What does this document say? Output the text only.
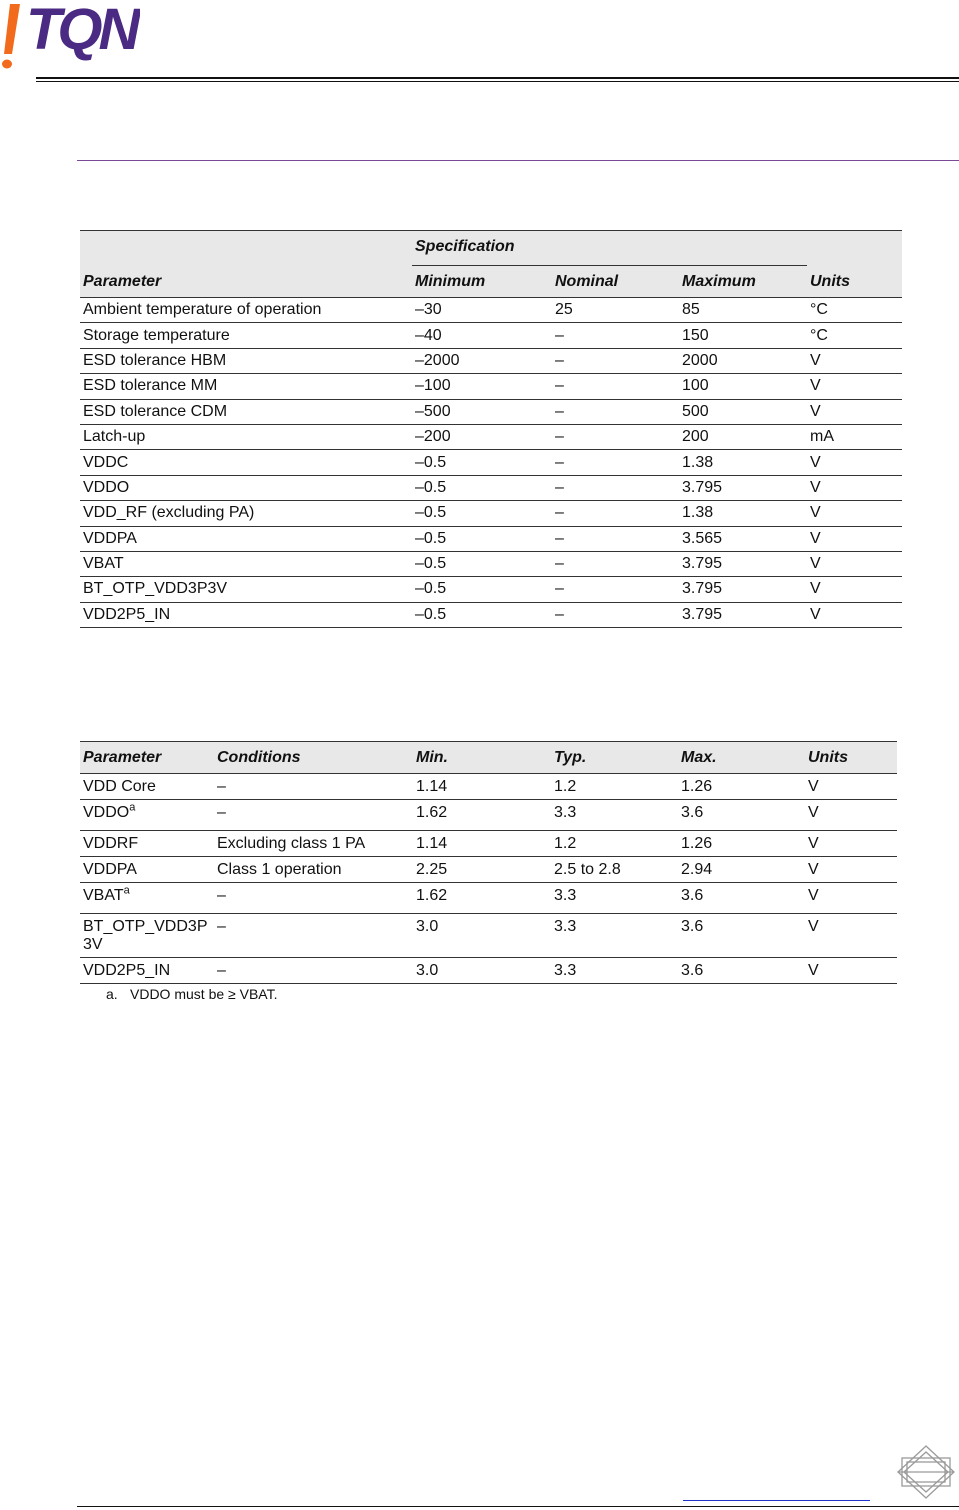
TQN
Parameter	Specification			Units
	Minimum	Nominal	Maximum	
Ambient temperature of operation	–30	25	85	°C
Storage temperature	–40	–	150	°C
ESD tolerance HBM	–2000	–	2000	V
ESD tolerance MM	–100	–	100	V
ESD tolerance CDM	–500	–	500	V
Latch-up	–200	–	200	mA
VDDC	–0.5	–	1.38	V
VDDO	–0.5	–	3.795	V
VDD_RF (excluding PA)	–0.5	–	1.38	V
VDDPA	–0.5	–	3.565	V
VBAT	–0.5	–	3.795	V
BT_OTP_VDD3P3V	–0.5	–	3.795	V
VDD2P5_IN	–0.5	–	3.795	V
Parameter	Conditions	Min.	Typ.	Max.	Units
VDD Core	–	1.14	1.2	1.26	V
VDDO$^a$	–	1.62	3.3	3.6	V
VDDRF	Excluding class 1 PA	1.14	1.2	1.26	V
VDDPA	Class 1 operation	2.25	2.5 to 2.8	2.94	V
VBAT$^a$	–	1.62	3.3	3.6	V
BT_OTP_VDD3P3V	–	3.0	3.3	3.6	V
VDD2P5_IN	–	3.0	3.3	3.6	V
a. VDDO must be ≥ VBAT.
